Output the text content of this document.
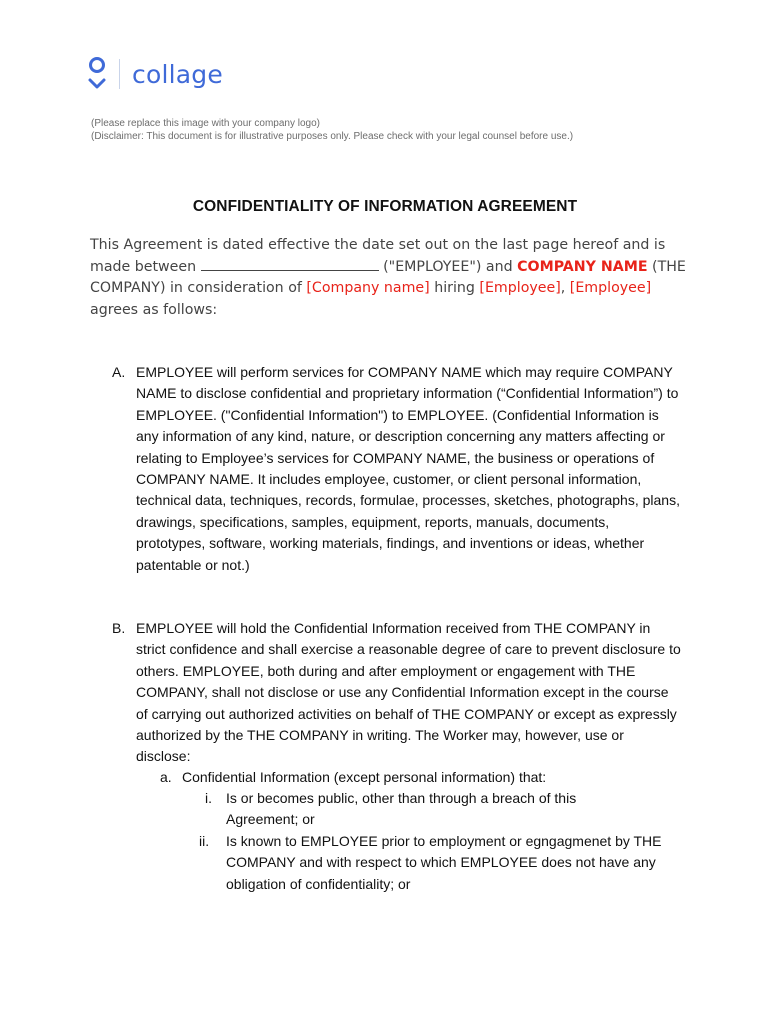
collage
(Please replace this image with your company logo)
(Disclaimer: This document is for illustrative purposes only. Please check with your legal counsel before use.)
CONFIDENTIALITY OF INFORMATION AGREEMENT
This Agreement is dated effective the date set out on the last page hereof and is made between	("EMPLOYEE") and COMPANY NAME (THE COMPANY) in consideration of [Company name] hiring [Employee], [Employee] agrees as follows:
A. EMPLOYEE will perform services for COMPANY NAME which may require COMPANY NAME to disclose confidential and proprietary information (“Confidential Information”) to EMPLOYEE. ("Confidential Information") to EMPLOYEE. (Confidential Information is any information of any kind, nature, or description concerning any matters affecting or relating to Employee’s services for COMPANY NAME, the business or operations of COMPANY NAME. It includes employee, customer, or client personal information, technical data, techniques, records, formulae, processes, sketches, photographs, plans, drawings, specifications, samples, equipment, reports, manuals, documents, prototypes, software, working materials, findings, and inventions or ideas, whether patentable or not.)
B. EMPLOYEE will hold the Confidential Information received from THE COMPANY in strict confidence and shall exercise a reasonable degree of care to prevent disclosure to others. EMPLOYEE, both during and after employment or engagement with THE COMPANY, shall not disclose or use any Confidential Information except in the course of carrying out authorized activities on behalf of THE COMPANY or except as expressly authorized by the THE COMPANY in writing. The Worker may, however, use or disclose:
a. Confidential Information (except personal information) that:
i. Is or becomes public, other than through a breach of this Agreement; or
ii. Is known to EMPLOYEE prior to employment or egngagmenet by THE COMPANY and with respect to which EMPLOYEE does not have any obligation of confidentiality; or
